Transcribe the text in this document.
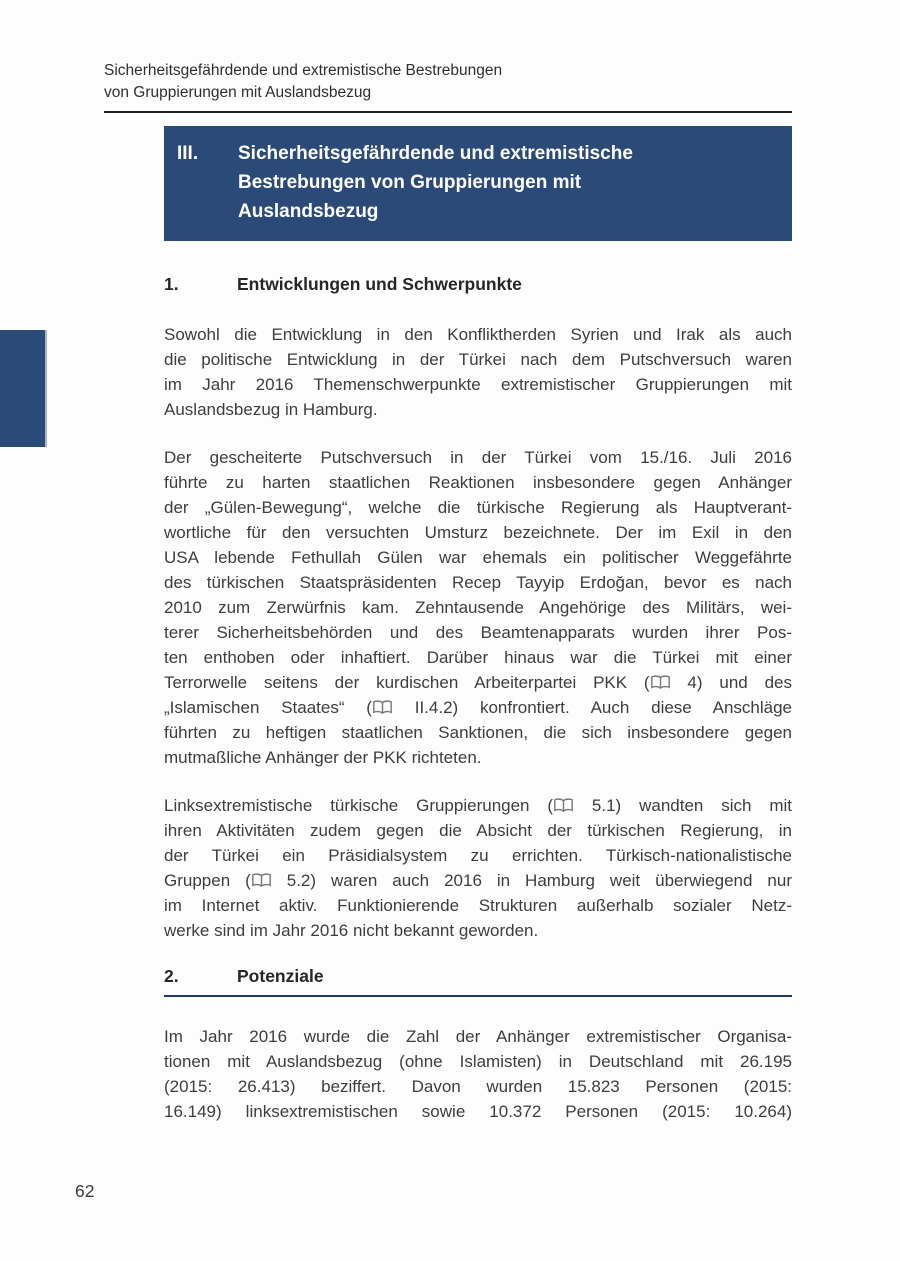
Sicherheitsgefährdende und extremistische Bestrebungen
von Gruppierungen mit Auslandsbezug
III.	Sicherheitsgefährdende und extremistische
Bestrebungen von Gruppierungen mit
Auslandsbezug
1.	Entwicklungen und Schwerpunkte
Sowohl die Entwicklung in den Konfliktherden Syrien und Irak als auch
die politische Entwicklung in der Türkei nach dem Putschversuch waren
im Jahr 2016 Themenschwerpunkte extremistischer Gruppierungen mit
Auslandsbezug in Hamburg.
Der gescheiterte Putschversuch in der Türkei vom 15./16. Juli 2016
führte zu harten staatlichen Reaktionen insbesondere gegen Anhänger
der „Gülen-Bewegung“, welche die türkische Regierung als Hauptverant-
wortliche für den versuchten Umsturz bezeichnete. Der im Exil in den
USA lebende Fethullah Gülen war ehemals ein politischer Weggefährte
des türkischen Staatspräsidenten Recep Tayyip Erdoğan, bevor es nach
2010 zum Zerwürfnis kam. Zehntausende Angehörige des Militärs, wei-
terer Sicherheitsbehörden und des Beamtenapparats wurden ihrer Pos-
ten enthoben oder inhaftiert. Darüber hinaus war die Türkei mit einer
Terrorwelle seitens der kurdischen Arbeiterpartei PKK ( 4) und des
„Islamischen Staates“ ( II.4.2) konfrontiert. Auch diese Anschläge
führten zu heftigen staatlichen Sanktionen, die sich insbesondere gegen
mutmaßliche Anhänger der PKK richteten.
Linksextremistische türkische Gruppierungen ( 5.1) wandten sich mit
ihren Aktivitäten zudem gegen die Absicht der türkischen Regierung, in
der Türkei ein Präsidialsystem zu errichten. Türkisch-nationalistische
Gruppen ( 5.2) waren auch 2016 in Hamburg weit überwiegend nur
im Internet aktiv. Funktionierende Strukturen außerhalb sozialer Netz-
werke sind im Jahr 2016 nicht bekannt geworden.
2.	Potenziale
Im Jahr 2016 wurde die Zahl der Anhänger extremistischer Organisa-
tionen mit Auslandsbezug (ohne Islamisten) in Deutschland mit 26.195
(2015: 26.413) beziffert. Davon wurden 15.823 Personen (2015:
16.149) linksextremistischen sowie 10.372 Personen (2015: 10.264)
62
